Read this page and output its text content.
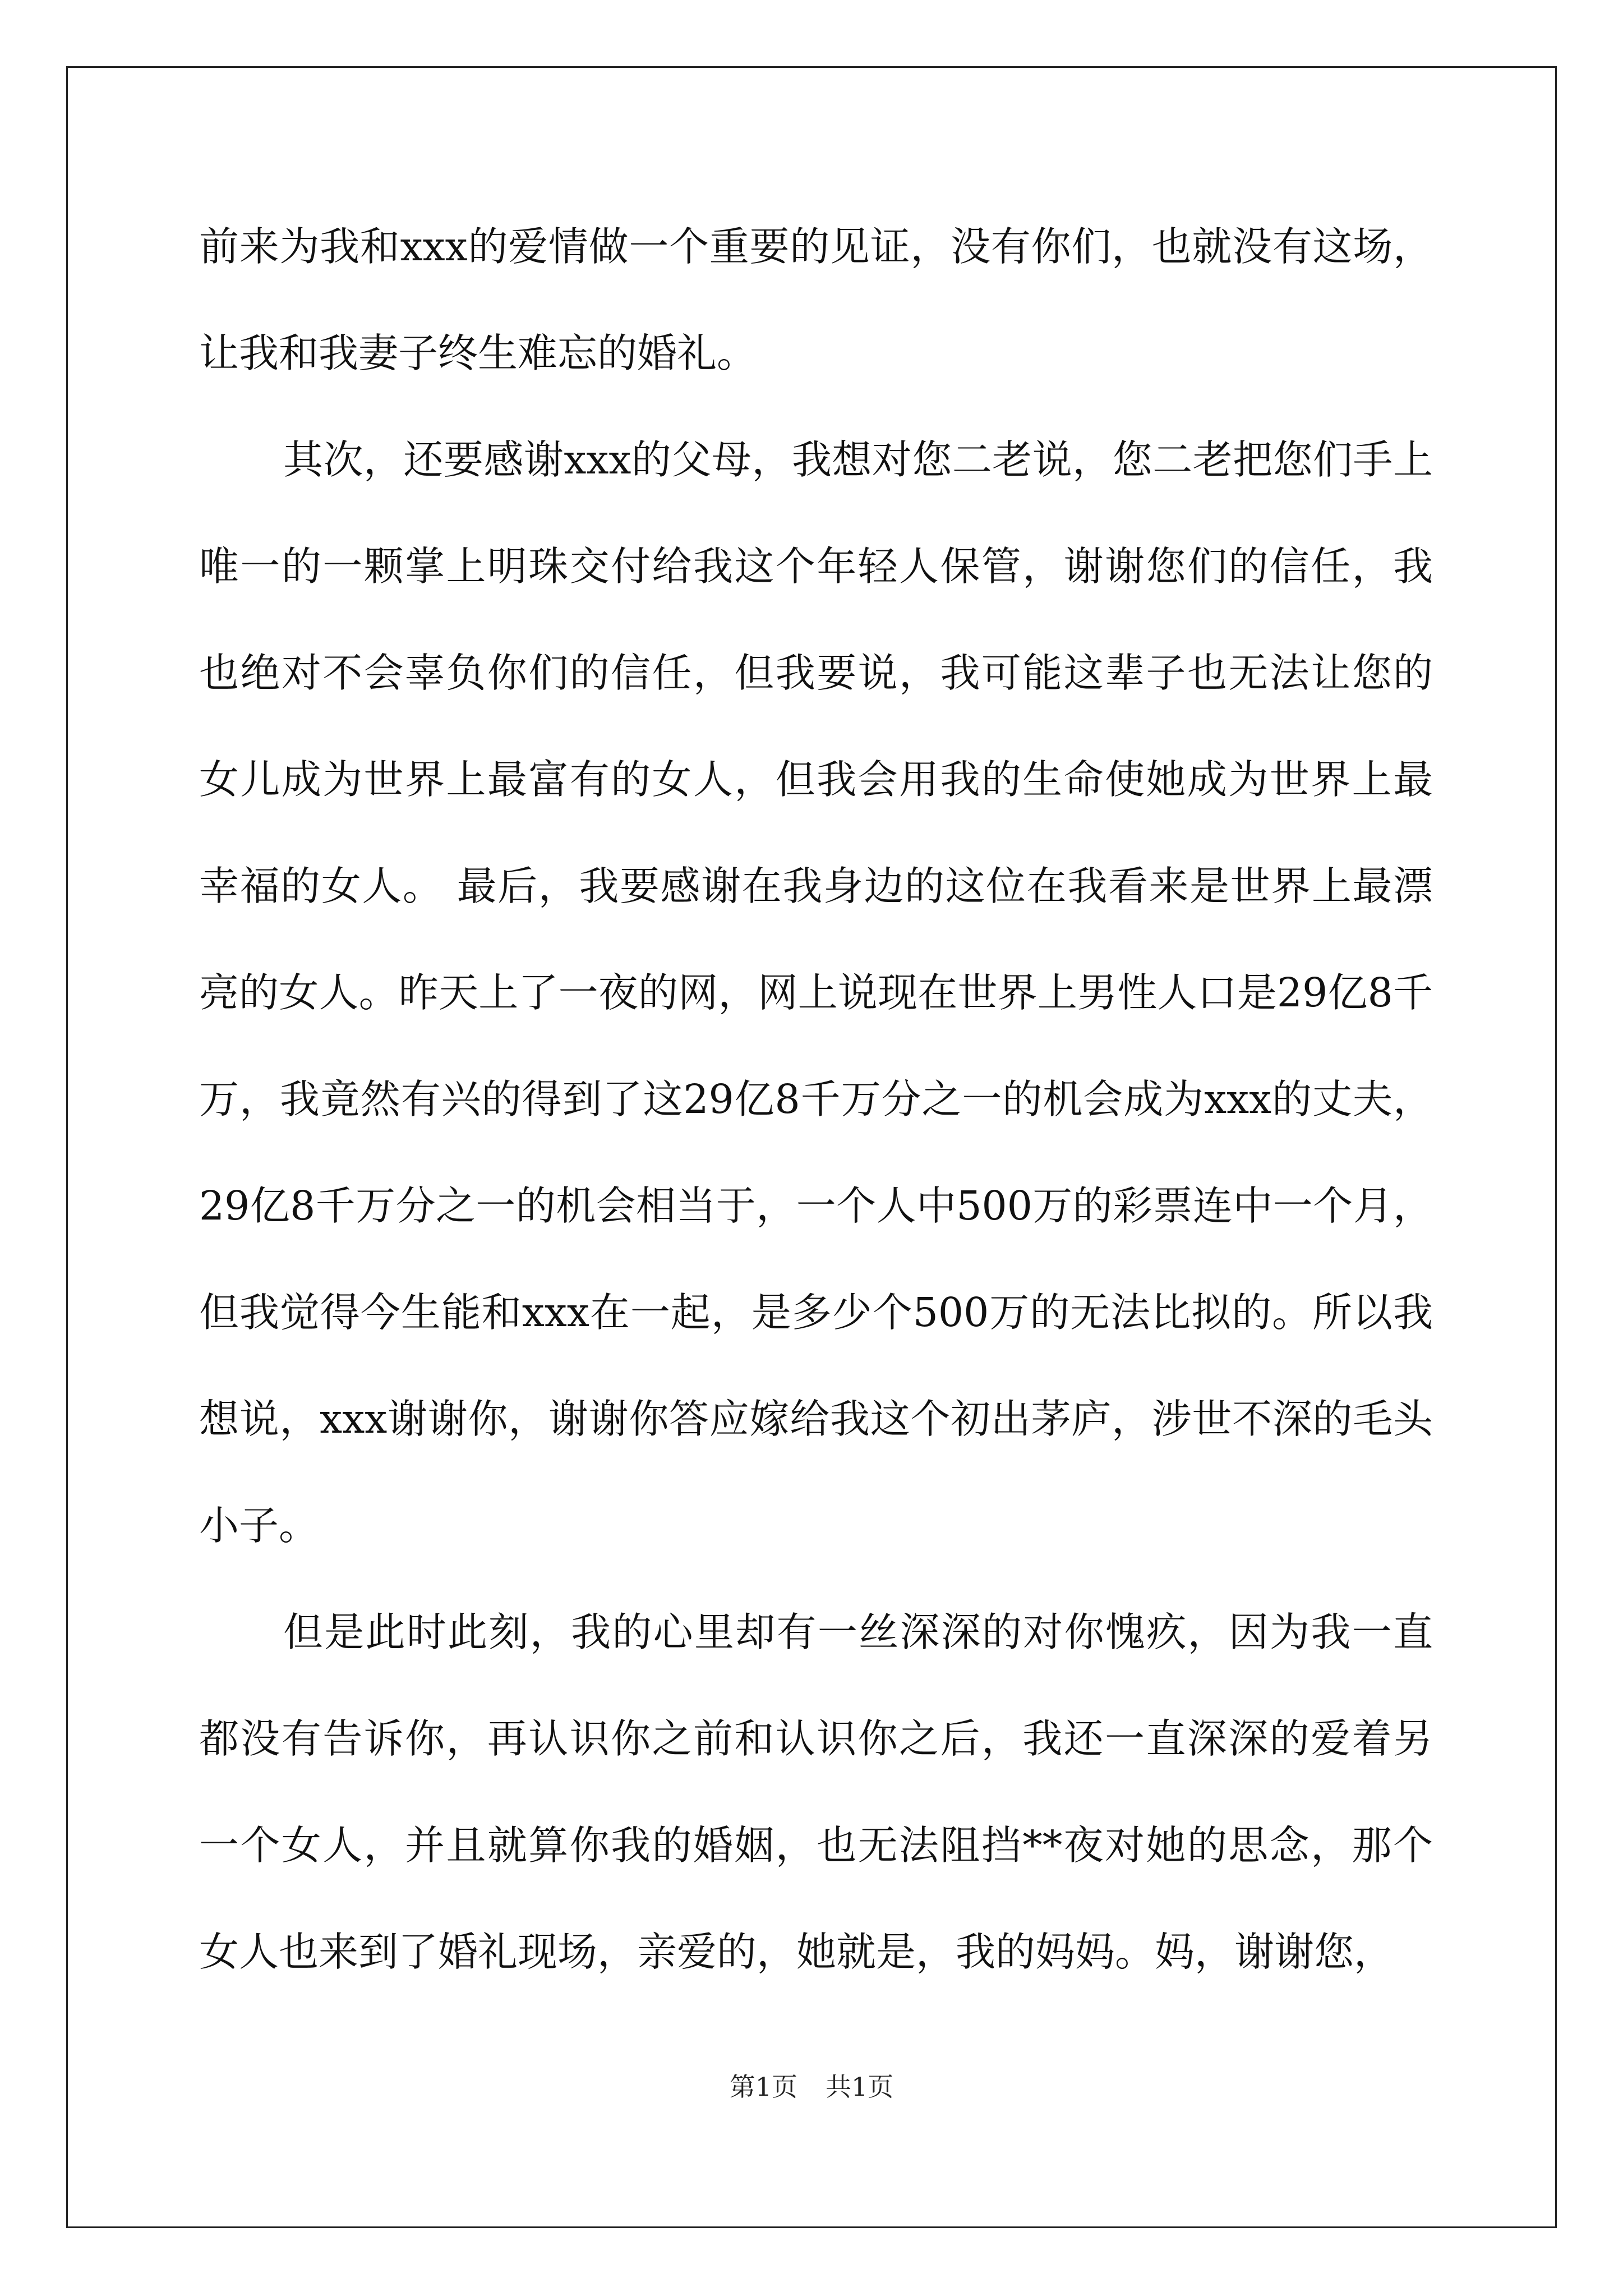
前来为我和xxx的爱情做一个重要的见证，没有你们，也就没有这场，让我和我妻子终生难忘的婚礼。

其次，还要感谢xxx的父母，我想对您二老说，您二老把您们手上唯一的一颗掌上明珠交付给我这个年轻人保管，谢谢您们的信任，我也绝对不会辜负你们的信任，但我要说，我可能这辈子也无法让您的女儿成为世界上最富有的女人，但我会用我的生命使她成为世界上最幸福的女人。 最后，我要感谢在我身边的这位在我看来是世界上最漂亮的女人。昨天上了一夜的网，网上说现在世界上男性人口是29亿8千万，我竟然有兴的得到了这29亿8千万分之一的机会成为xxx的丈夫，29亿8千万分之一的机会相当于，一个人中500万的彩票连中一个月，但我觉得今生能和xxx在一起，是多少个500万的无法比拟的。所以我想说，xxx谢谢你，谢谢你答应嫁给我这个初出茅庐，涉世不深的毛头小子。

但是此时此刻，我的心里却有一丝深深的对你愧疚，因为我一直都没有告诉你，再认识你之前和认识你之后，我还一直深深的爱着另一个女人，并且就算你我的婚姻，也无法阻挡**夜对她的思念，那个女人也来到了婚礼现场，亲爱的，她就是，我的妈妈。妈，谢谢您，

第1页 共1页
